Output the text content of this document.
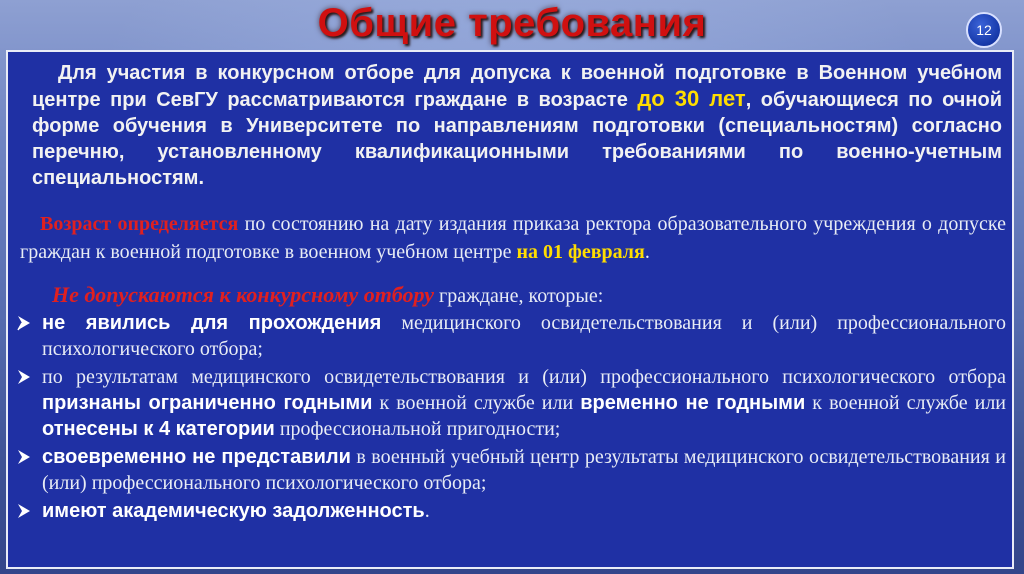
Общие требования	12
Для участия в конкурсном отборе для допуска к военной подготовке в Военном учебном центре при СевГУ рассматриваются граждане в возрасте до 30 лет, обучающиеся по очной форме обучения в Университете по направлениям подготовки (специальностям) согласно перечню, установленному квалификационными требованиями по военно-учетным специальностям.
Возраст определяется по состоянию на дату издания приказа ректора образовательного учреждения о допуске граждан к военной подготовке в военном учебном центре на 01 февраля.
Не допускаются к конкурсному отбору граждане, которые:
не явились для прохождения медицинского освидетельствования и (или) профессионального психологического отбора;
по результатам медицинского освидетельствования и (или) профессионального психологического отбора признаны ограниченно годными к военной службе или временно не годными к военной службе или отнесены к 4 категории профессиональной пригодности;
своевременно не представили в военный учебный центр результаты медицинского освидетельствования и (или) профессионального психологического отбора;
имеют академическую задолженность.
